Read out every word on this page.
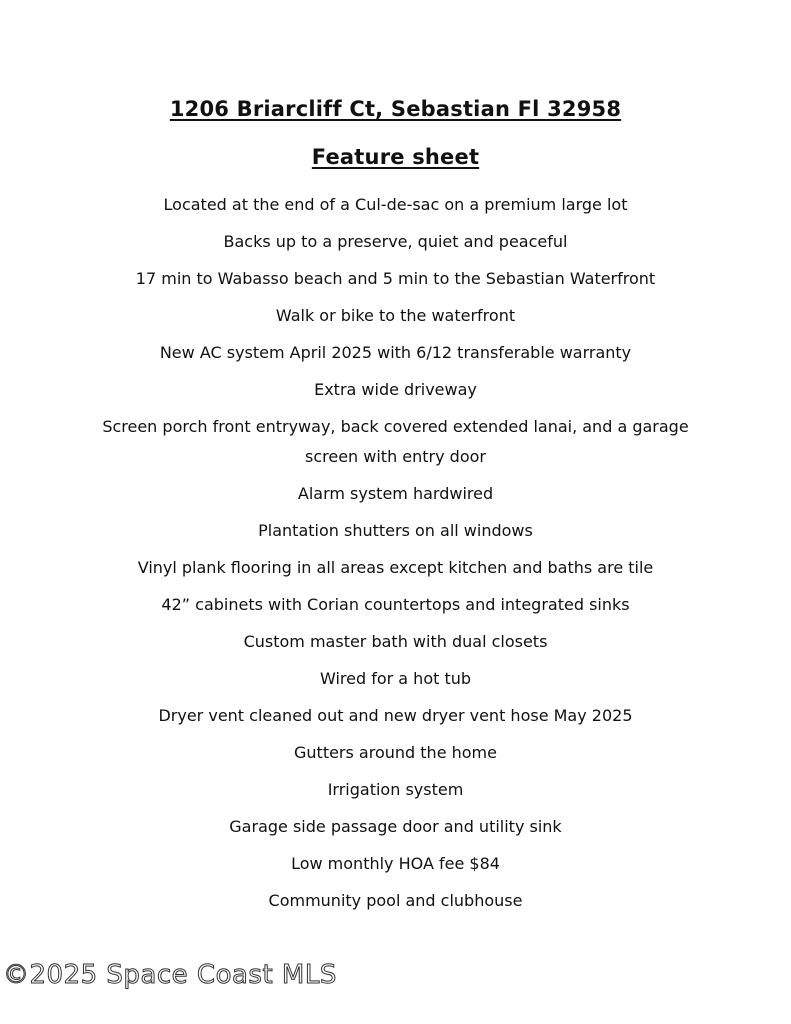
1206 Briarcliff Ct, Sebastian Fl 32958
Feature sheet
Located at the end of a Cul-de-sac on a premium large lot
Backs up to a preserve, quiet and peaceful
17 min to Wabasso beach and 5 min to the Sebastian Waterfront
Walk or bike to the waterfront
New AC system April 2025 with 6/12 transferable warranty
Extra wide driveway
Screen porch front entryway, back covered extended lanai, and a garage screen with entry door
Alarm system hardwired
Plantation shutters on all windows
Vinyl plank flooring in all areas except kitchen and baths are tile
42” cabinets with Corian countertops and integrated sinks
Custom master bath with dual closets
Wired for a hot tub
Dryer vent cleaned out and new dryer vent hose May 2025
Gutters around the home
Irrigation system
Garage side passage door and utility sink
Low monthly HOA fee $84
Community pool and clubhouse
©2025 Space Coast MLS
